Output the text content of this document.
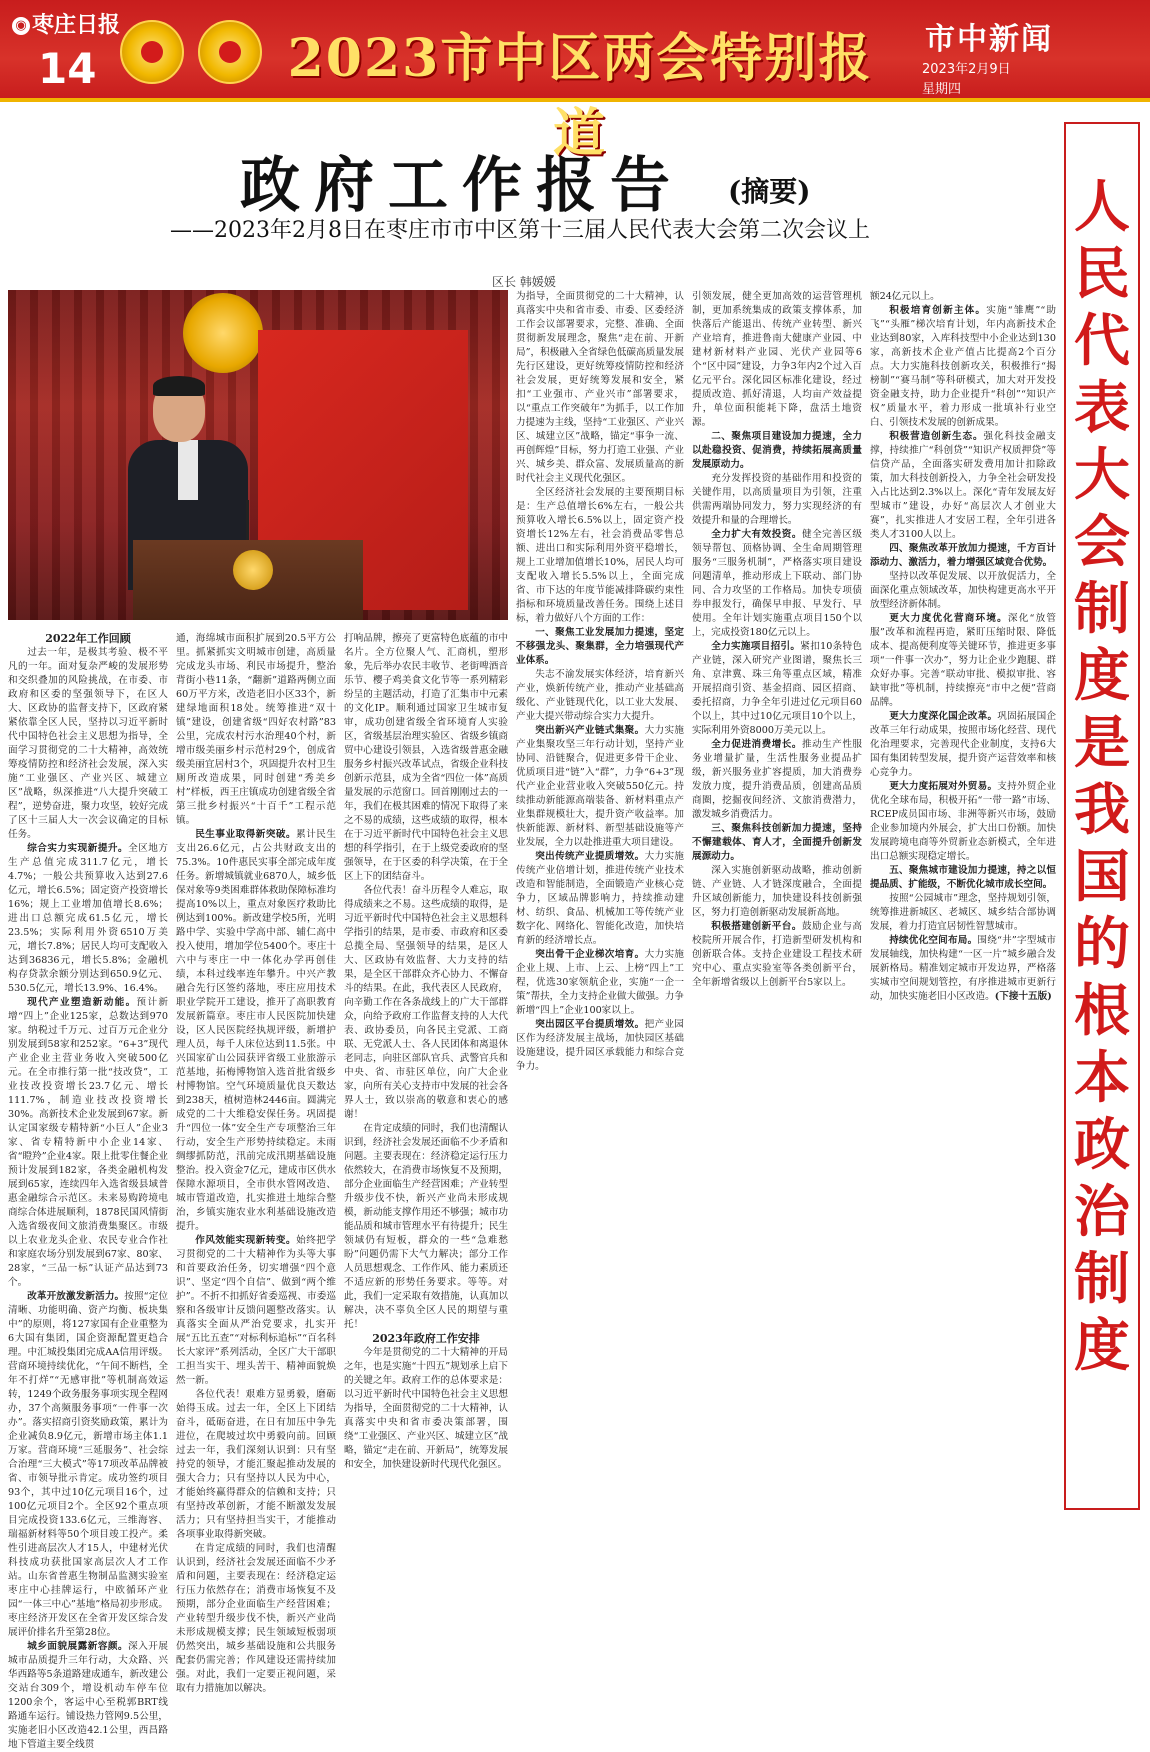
◉ 枣庄日报
14	2023市中区两会特别报道
市中新闻
2023年2月9日
星期四
政府工作报告 (摘要)
——2023年2月8日在枣庄市市中区第十三届人民代表大会第二次会议上
区长 韩媛媛

2022年工作回顾

过去一年，是极其考验、极不平凡的一年。面对复杂严峻的发展形势和交织叠加的风险挑战，在市委、市政府和区委的坚强领导下，在区人大、区政协的监督支持下，区政府紧紧依靠全区人民，坚持以习近平新时代中国特色社会主义思想为指导，全面学习贯彻党的二十大精神，高效统筹疫情防控和经济社会发展，深入实施“工业强区、产业兴区、城建立区”战略，纵深推进“八大提升突破工程”，逆势奋进，聚力攻坚，较好完成了区十三届人大一次会议确定的目标任务。

综合实力实现新提升。全区地方生产总值完成311.7亿元，增长4.7%；一般公共预算收入达到27.6亿元，增长6.5%；固定资产投资增长16%；规上工业增加值增长8.6%；进出口总额完成61.5亿元，增长23.5%；实际利用外资6510万美元，增长7.8%；居民人均可支配收入达到36836元，增长5.8%；金融机构存贷款余额分别达到650.9亿元、530.5亿元，增长13.9%、16.4%。

现代产业塑造新动能。预计新增“四上”企业125家，总数达到970家。纳税过千万元、过百万元企业分别发展到58家和252家。“6+3”现代产业企业主营业务收入突破500亿元。在全市推行第一批“技改贷”，工业技改投资增长23.7亿元、增长111.7%，制造业技改投资增长30%。高新技术企业发展到67家。新认定国家级专精特新“小巨人”企业3家、省专精特新中小企业14家、省“瞪羚”企业4家。限上批零住餐企业预计发展到182家，各类金融机构发展到65家，连续四年入选省级县域普惠金融综合示范区。未来易购跨境电商综合体进展顺利，1878民国风情街入选省级夜间文旅消费集聚区。市级以上农业龙头企业、农民专业合作社和家庭农场分别发展到67家、80家、28家，“三品一标”认证产品达到73个。

改革开放激发新活力。按照“定位清晰、功能明确、资产均衡、板块集中”的原则，将127家国有企业重整为6大国有集团，国企资源配置更趋合理。中汇城投集团完成AA信用评级。营商环境持续优化，“午间不断档，全年不打烊”“无感审批”等机制高效运转，1249个政务服务事项实现全程网办，37个高频服务事项“一件事一次办”。落实招商引资奖励政策，累计为企业减负8.9亿元，新增市场主体1.1万家。营商环境“三延服务”、社会综合治理“三大模式”等17项改革品牌被省、市领导批示肯定。成功签约项目93个，其中过10亿元项目16个，过100亿元项目2个。全区92个重点项目完成投资133.6亿元，三维海容、瑞福新材料等50个项目竣工投产。柔性引进高层次人才15人，中建材光伏科技成功获批国家高层次人才工作站。山东省普惠生物制品监测实验室枣庄中心挂牌运行，中欧循环产业园“一体三中心”基地”格局初步形成。枣庄经济开发区在全省开发区综合发展评价排名升至第28位。

城乡面貌展露新容颜。深入开展城市品质提升三年行动，大众路、兴华西路等5条道路建成通车，新改建公交站台309个，增设机动车停车位1200余个，客运中心至税郭BRT线路通车运行。铺设热力管网9.5公里，实施老旧小区改造42.1公里，西昌路地下管道主要全线贯

通，海绵城市面积扩展到20.5平方公里。抓紧抓实文明城市创建，高质量完成龙头市场、利民市场提升，整治背街小巷11条，“翻新”道路两侧立面60万平方米，改造老旧小区33个，新建绿地面积18处。统筹推进“双十镇”建设，创建省级“四好农村路”83公里，完成农村污水治理40个村，新增市级美丽乡村示范村29个，创成省级美丽宜居村3个，巩固提升农村卫生厕所改造成果，同时创建“秀美乡村”样板，西王庄镇成功创建省级全省第三批乡村振兴“十百千”工程示范镇。

民生事业取得新突破。累计民生支出26.6亿元，占公共财政支出的75.3%。10件惠民实事全部完成年度任务。新增城镇就业6870人，城乡低保对象等9类困难群体救助保障标准均提高10%以上，重点对象医疗救助比例达到100%。新改建学校5所，光明路中学、实验中学高中部、辅仁高中投入使用，增加学位5400个。枣庄十六中与枣庄一中一体化办学再创佳绩，本科过线率连年攀升。中兴产教融合先行区签约落地，枣庄应用技术职业学院开工建设，推开了高职教育发展新篇章。枣庄市人民医院加快建设，区人民医院经执规评级，新增护理人员，每千人床位达到11.5张。中兴国家矿山公园获评省级工业旅游示范基地，拓梅博物馆入选首批省级乡村博物馆。空气环境质量优良天数达到238天，植树造林2446亩。圆满完成党的二十大维稳安保任务。巩固提升“四位一体”安全生产专项整治三年行动，安全生产形势持续稳定。未雨绸缪抓防范，汛前完成汛期基础设施整治。投入资金7亿元，建成市区供水保障水源项目，全市供水管网改造、城市管道改造，扎实推进土地综合整治，乡镇实施农业水利基础设施改造提升。

作风效能实现新转变。始终把学习贯彻党的二十大精神作为头等大事和首要政治任务，切实增强“四个意识”、坚定“四个自信”、做到“两个维护”。不折不扣抓好省委巡视、市委巡察和各级审计反馈问题整改落实。认真落实全面从严治党要求，扎实开展“五比五查”“对标利标追标”“百名科长大家评”系列活动，全区广大干部职工担当实干、埋头苦干、精神面貌焕然一新。

各位代表！艰难方显勇毅，磨砺始得玉成。过去一年，全区上下团结奋斗，砥砺奋进，在日有加压中争先进位，在爬坡过坎中勇毅向前。回顾过去一年，我们深刻认识到：只有坚持党的领导，才能汇聚起推动发展的强大合力；只有坚持以人民为中心，才能始终赢得群众的信赖和支持；只有坚持改革创新，才能不断激发发展活力；只有坚持担当实干，才能推动各项事业取得新突破。

在肯定成绩的同时，我们也清醒认识到，经济社会发展还面临不少矛盾和问题，主要表现在：经济稳定运行压力依然存在；消费市场恢复不及预期，部分企业面临生产经营困难；产业转型升级步伐不快，新兴产业尚未形成规模支撑；民生领域短板弱项仍然突出，城乡基础设施和公共服务配套仍需完善；作风建设还需持续加强。对此，我们一定要正视问题，采取有力措施加以解决。

打响品牌，擦亮了更富特色底蕴的市中名片。全方位聚人气、汇商机，塑形象，先后举办农民丰收节、老街啤酒音乐节、樱子鸡美食文化节等一系列精彩纷呈的主题活动，打造了汇集市中元素的文化IP。顺利通过国家卫生城市复审，成功创建省级全省环境育人实验区，省级基层治理实验区、省级乡镇商贸中心建设引领县，入选省级普惠金融服务乡村振兴改革试点，省级企业科技创新示范县，成为全省“四位一体”高质量发展的示范窗口。回首刚刚过去的一年，我们在极其困难的情况下取得了来之不易的成绩，这些成绩的取得，根本在于习近平新时代中国特色社会主义思想的科学指引，在于上级党委政府的坚强领导，在于区委的科学决策，在于全区上下的团结奋斗。

各位代表！奋斗历程令人难忘，取得成绩来之不易。这些成绩的取得，是习近平新时代中国特色社会主义思想科学指引的结果，是市委、市政府和区委总揽全局、坚强领导的结果，是区人大、区政协有效监督、大力支持的结果，是全区干部群众齐心协力、不懈奋斗的结果。在此，我代表区人民政府，向辛勤工作在各条战线上的广大干部群众，向给予政府工作监督支持的人大代表、政协委员，向各民主党派、工商联、无党派人士、各人民团体和离退休老同志，向驻区部队官兵、武警官兵和中央、省、市驻区单位，向广大企业家，向所有关心支持市中发展的社会各界人士，致以崇高的敬意和衷心的感谢！

在肯定成绩的同时，我们也清醒认识到，经济社会发展还面临不少矛盾和问题。主要表现在：经济稳定运行压力依然较大，在消费市场恢复不及预期，部分企业面临生产经营困难；产业转型升级步伐不快，新兴产业尚未形成规模，新动能支撑作用还不够强；城市功能品质和城市管理水平有待提升；民生领域仍有短板，群众的一些“急难愁盼”问题仍需下大气力解决；部分工作人员思想观念、工作作风、能力素质还不适应新的形势任务要求。等等。对此，我们一定采取有效措施，认真加以解决，决不辜负全区人民的期望与重托！

2023年政府工作安排

今年是贯彻党的二十大精神的开局之年，也是实施“十四五”规划承上启下的关键之年。政府工作的总体要求是：以习近平新时代中国特色社会主义思想为指导，全面贯彻党的二十大精神，认真落实中央和省市委决策部署，围绕“工业强区、产业兴区、城建立区”战略，锚定“走在前、开新局”，统筹发展和安全，加快建设新时代现代化强区。

为指导，全面贯彻党的二十大精神，认真落实中央和省市委、市委、区委经济工作会议部署要求，完整、准确、全面贯彻新发展理念，聚焦“走在前、开新局”，积极融入全省绿色低碳高质量发展先行区建设，更好统筹疫情防控和经济社会发展，更好统筹发展和安全，紧扣“工业强市、产业兴市”部署要求，以“重点工作突破年”为抓手，以工作加力提速为主线，坚持“工业强区、产业兴区、城建立区”战略，锚定“事争一流、再创辉煌”目标，努力打造工业强、产业兴、城乡美、群众富、发展质量高的新时代社会主义现代化强区。

全区经济社会发展的主要预期目标是：生产总值增长6%左右，一般公共预算收入增长6.5%以上，固定资产投资增长12%左右，社会消费品零售总额、进出口和实际利用外资平稳增长，规上工业增加值增长10%，居民人均可支配收入增长5.5%以上，全面完成省、市下达的年度节能减排降碳约束性指标和环境质量改善任务。围绕上述目标，着力做好八个方面的工作：

一、聚焦工业发展加力提速，坚定不移强龙头、聚集群，全力培强现代产业体系。

失志不渝发展实体经济，培育新兴产业，焕新传统产业，推动产业基础高级化、产业链现代化，以工业大发展、产业大提兴带动综合实力大提升。

突出新兴产业链式集聚。大力实施产业集聚攻坚三年行动计划，坚持产业协同、沿链聚合，促进更多骨干企业、优质项目进“链”入“群”，力争“6+3”现代产业企业营业收入突破550亿元。持续推动新能源高端装备、新材料重点产业集群规模壮大，提升资产收益率。加快新能源、新材料、新型基础设施等产业发展，全力以赴推进重大项目建设。

突出传统产业提质增效。大力实施传统产业倍增计划，推进传统产业技术改造和智能制造，全面锻造产业核心竞争力，区域品牌影响力，持续推动建材、纺织、食品、机械加工等传统产业数字化、网络化、智能化改造，加快培育新的经济增长点。

突出骨干企业梯次培育。大力实施企业上规、上市、上云、上榜“四上”工程，优选30家领航企业，实施“一企一策”帮扶，全力支持企业做大做强。力争新增“四上”企业100家以上。

突出园区平台提质增效。把产业园区作为经济发展主战场，加快园区基础设施建设，提升园区承载能力和综合竞争力。

引领发展，健全更加高效的运营管理机制，更加系统集成的政策支撑体系，加快落后产能退出、传统产业转型、新兴产业培育，推进鲁南大健康产业园、中建材新材料产业园、光伏产业园等6个“区中园”建设，力争3年内2个过入百亿元平台。深化园区标准化建设，经过提质改造、抓好清退，人均亩产效益提升，单位面积能耗下降，盘活土地资源。

二、聚焦项目建设加力提速，全力以赴稳投资、促消费，持续拓展高质量发展原动力。

充分发挥投资的基础作用和投资的关键作用，以高质量项目为引领，注重供需两端协同发力，努力实现经济的有效提升和量的合理增长。

全力扩大有效投资。健全完善区级领导帮包、顶格协调、全生命周期管理服务“三服务机制”，严格落实项目建设问题清单，推动形成上下联动、部门协同、合力攻坚的工作格局。加快专项债券申报发行，确保早申报、早发行、早使用。全年计划实施重点项目150个以上，完成投资180亿元以上。

全力实施项目招引。紧扣10条特色产业链，深入研究产业图谱，聚焦长三角、京津冀、珠三角等重点区域，精准开展招商引资、基金招商、园区招商、委托招商，力争全年引进过亿元项目60个以上，其中过10亿元项目10个以上，实际利用外资8000万美元以上。

全力促进消费增长。推动生产性服务业增量扩量，生活性服务业提品扩级，新兴服务业扩容提质，加大消费券发放力度，提升消费品质，创建高品质商圈，挖掘夜间经济、文旅消费潜力，激发城乡消费活力。

三、聚焦科技创新加力提速，坚持不懈建载体、育人才，全面提升创新发展源动力。

深入实施创新驱动战略，推动创新链、产业链、人才链深度融合，全面提升区域创新能力，加快建设科技创新强区，努力打造创新驱动发展新高地。

积极搭建创新平台。鼓励企业与高校院所开展合作，打造新型研发机构和创新联合体。支持企业建设工程技术研究中心、重点实验室等各类创新平台，全年新增省级以上创新平台5家以上。

额24亿元以上。

积极培育创新主体。实施“雏鹰”“助飞”“头雁”梯次培育计划，年内高新技术企业达到80家，入库科技型中小企业达到130家，高新技术企业产值占比提高2个百分点。大力实施科技创新攻关，积极推行“揭榜制”“赛马制”等科研模式，加大对开发投资金融支持，助力企业提升“科创”“知识产权”质量水平，着力形成一批填补行业空白、引领技术发展的创新成果。

积极营造创新生态。强化科技金融支撑，持续推广“科创贷”“知识产权质押贷”等信贷产品，全面落实研发费用加计扣除政策，加大科技创新投入，力争全社会研发投入占比达到2.3%以上。深化“青年发展友好型城市”建设，办好“高层次人才创业大赛”，扎实推进人才安居工程，全年引进各类人才3100人以上。

四、聚焦改革开放加力提速，千方百计添动力、激活力，着力增强区域竞合优势。

坚持以改革促发展、以开放促活力，全面深化重点领域改革，加快构建更高水平开放型经济新体制。

更大力度优化营商环境。深化“放管服”改革和流程再造，紧盯压缩时限、降低成本、提高便利度等关键环节，推进更多事项“一件事一次办”，努力让企业少跑腿、群众好办事。完善“联动审批、模拟审批、容缺审批”等机制，持续擦亮“市中之便”营商品牌。

更大力度深化国企改革。巩固拓展国企改革三年行动成果，按照市场化经营、现代化治理要求，完善现代企业制度，支持6大国有集团转型发展，提升资产运营效率和核心竞争力。

更大力度拓展对外贸易。支持外贸企业优化全球布局，积极开拓“一带一路”市场、RCEP成员国市场、非洲等新兴市场，鼓励企业参加境内外展会，扩大出口份额。加快发展跨境电商等外贸新业态新模式，全年进出口总额实现稳定增长。

五、聚焦城市建设加力提速，持之以恒提品质、扩能级，不断优化城市成长空间。

按照“公园城市”理念，坚持规划引领，统筹推进新城区、老城区、城乡结合部协调发展，着力打造宜居韧性智慧城市。

持续优化空间布局。围绕“井”字型城市发展轴线，加快构建“一区一片”城乡融合发展新格局。精准划定城市开发边界，严格落实城市空间规划管控，有序推进城市更新行动，加快实施老旧小区改造。(下接十五版)

人民代表大会制度是我国的根本政治制度
